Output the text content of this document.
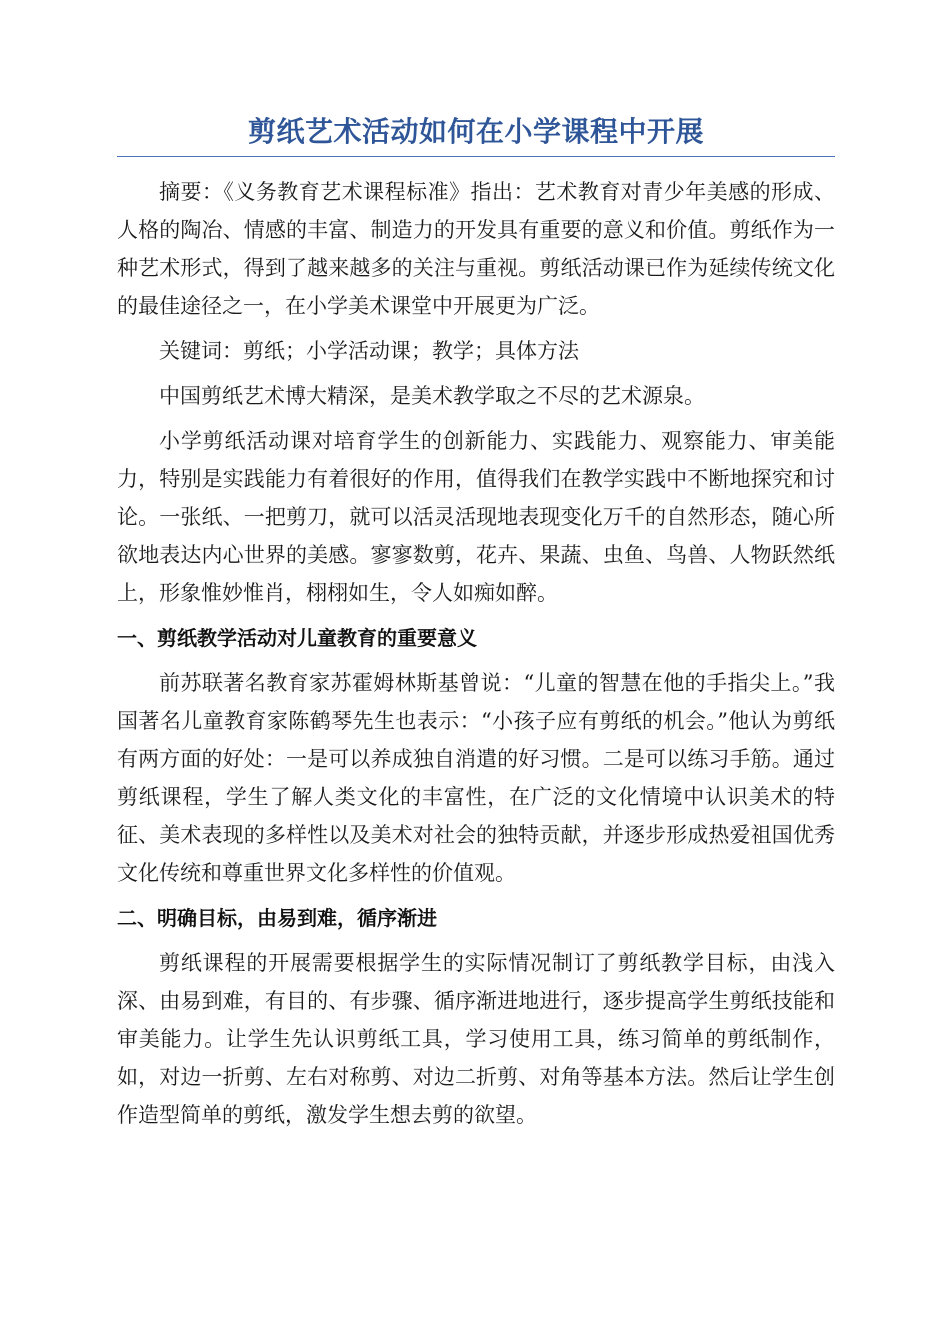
剪纸艺术活动如何在小学课程中开展

摘要：《义务教育艺术课程标准》指出：艺术教育对青少年美感的形成、人格的陶冶、情感的丰富、制造力的开发具有重要的意义和价值。剪纸作为一种艺术形式，得到了越来越多的关注与重视。剪纸活动课已作为延续传统文化的最佳途径之一，在小学美术课堂中开展更为广泛。

关键词：剪纸；小学活动课；教学；具体方法

中国剪纸艺术博大精深，是美术教学取之不尽的艺术源泉。

小学剪纸活动课对培育学生的创新能力、实践能力、观察能力、审美能力，特别是实践能力有着很好的作用，值得我们在教学实践中不断地探究和讨论。一张纸、一把剪刀，就可以活灵活现地表现变化万千的自然形态，随心所欲地表达内心世界的美感。寥寥数剪，花卉、果蔬、虫鱼、鸟兽、人物跃然纸上，形象惟妙惟肖，栩栩如生，令人如痴如醉。

一、剪纸教学活动对儿童教育的重要意义

前苏联著名教育家苏霍姆林斯基曾说：“儿童的智慧在他的手指尖上。”我国著名儿童教育家陈鹤琴先生也表示：“小孩子应有剪纸的机会。”他认为剪纸有两方面的好处：一是可以养成独自消遣的好习惯。二是可以练习手筋。通过剪纸课程，学生了解人类文化的丰富性，在广泛的文化情境中认识美术的特征、美术表现的多样性以及美术对社会的独特贡献，并逐步形成热爱祖国优秀文化传统和尊重世界文化多样性的价值观。

二、明确目标，由易到难，循序渐进

剪纸课程的开展需要根据学生的实际情况制订了剪纸教学目标，由浅入深、由易到难，有目的、有步骤、循序渐进地进行，逐步提高学生剪纸技能和审美能力。让学生先认识剪纸工具，学习使用工具，练习简单的剪纸制作，如，对边一折剪、左右对称剪、对边二折剪、对角等基本方法。然后让学生创作造型简单的剪纸，激发学生想去剪的欲望。
